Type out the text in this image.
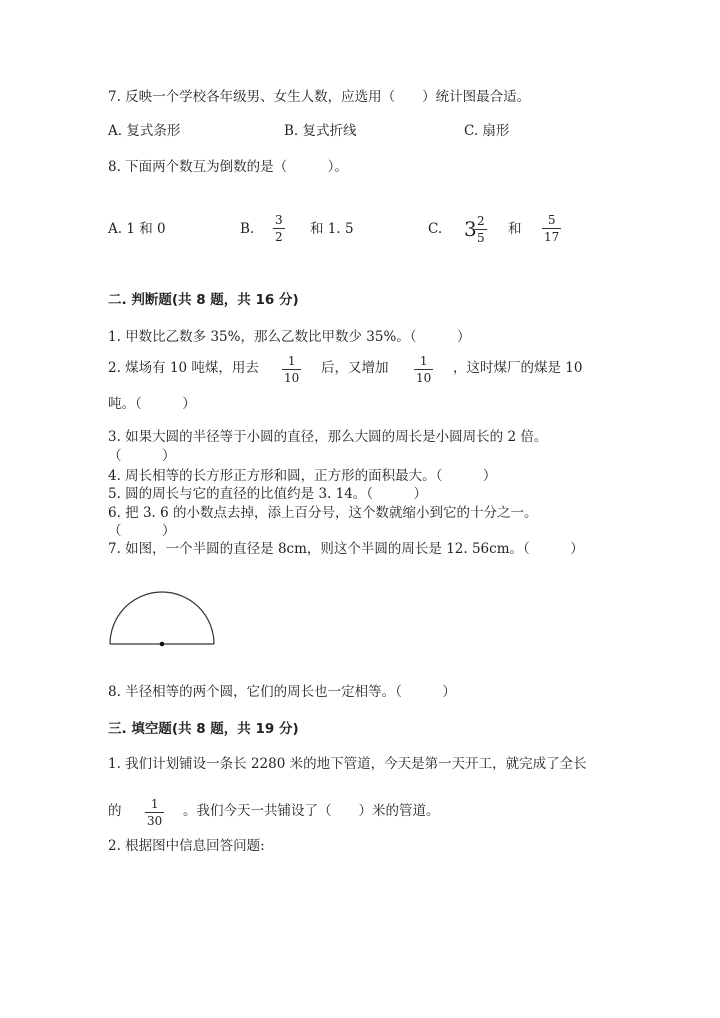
7. 反映一个学校各年级男、女生人数，应选用（　　）统计图最合适。
A. 复式条形	B. 复式折线	C. 扇形
8. 下面两个数互为倒数的是（　　　）。
A. 1 和 0	B.
3
2 和 1. 5	C. 3 2
5
和
5
17
二. 判断题(共 8 题，共 16 分)
1. 甲数比乙数多 35%，那么乙数比甲数少 35%。（　　　）
2. 煤场有 10 吨煤，用去 1
10
后，又增加	1
10
，这时煤厂的煤是 10
吨。（　　　）
3. 如果大圆的半径等于小圆的直径，那么大圆的周长是小圆周长的 2 倍。
（　　　）
4. 周长相等的长方形正方形和圆，正方形的面积最大。（　　　）
5. 圆的周长与它的直径的比值约是 3. 14。（　　　）
6. 把 3. 6 的小数点去掉，添上百分号，这个数就缩小到它的十分之一。
（　　　）
7. 如图，一个半圆的直径是 8cm，则这个半圆的周长是 12. 56cm。（　　　）
8. 半径相等的两个圆，它们的周长也一定相等。（　　　）
三. 填空题(共 8 题，共 19 分)
1. 我们计划铺设一条长 2280 米的地下管道，今天是第一天开工，就完成了全长
的 1
30
。我们今天一共铺设了（　　）米的管道。
2. 根据图中信息回答问题:
